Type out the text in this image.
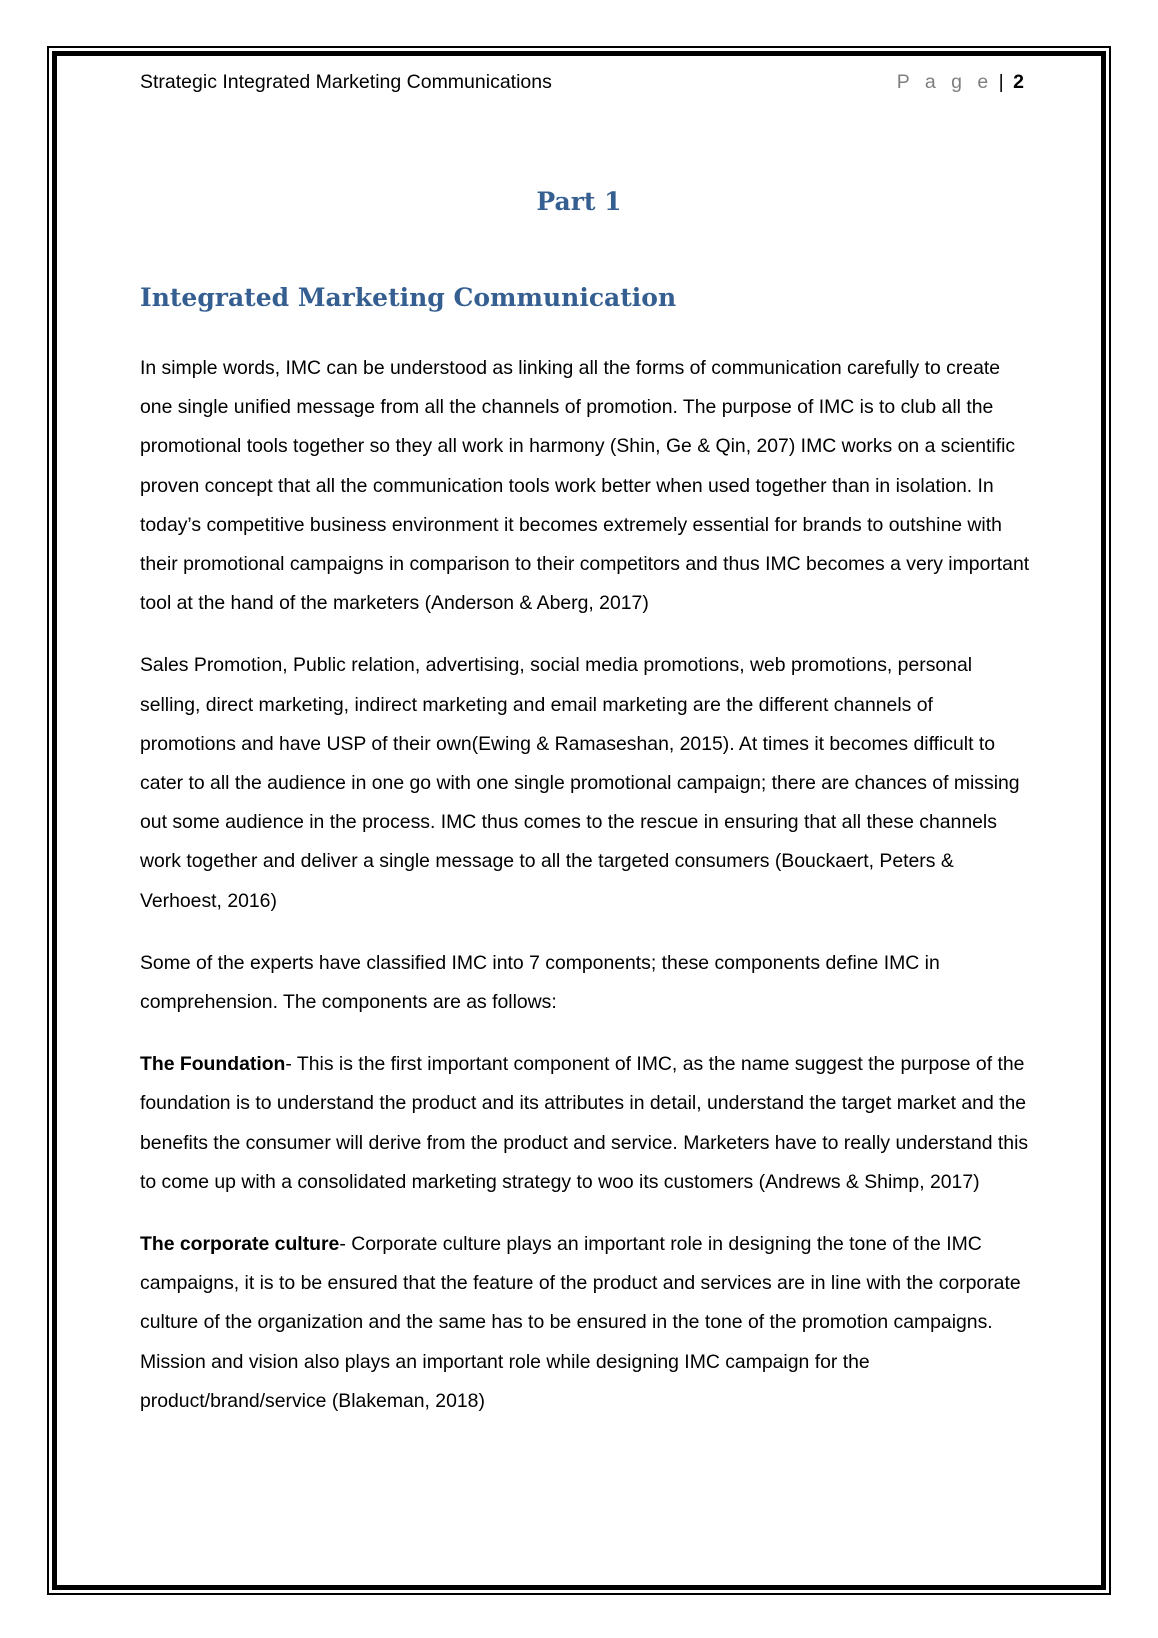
Strategic Integrated Marketing Communications	P a g e | 2
Part 1
Integrated Marketing Communication

In simple words, IMC can be understood as linking all the forms of communication carefully to create one single unified message from all the channels of promotion. The purpose of IMC is to club all the promotional tools together so they all work in harmony (Shin, Ge & Qin, 207) IMC works on a scientific proven concept that all the communication tools work better when used together than in isolation. In today’s competitive business environment it becomes extremely essential for brands to outshine with their promotional campaigns in comparison to their competitors and thus IMC becomes a very important tool at the hand of the marketers (Anderson & Aberg, 2017)

Sales Promotion, Public relation, advertising, social media promotions, web promotions, personal selling, direct marketing, indirect marketing and email marketing are the different channels of promotions and have USP of their own(Ewing & Ramaseshan, 2015). At times it becomes difficult to cater to all the audience in one go with one single promotional campaign; there are chances of missing out some audience in the process. IMC thus comes to the rescue in ensuring that all these channels work together and deliver a single message to all the targeted consumers (Bouckaert, Peters & Verhoest, 2016)

Some of the experts have classified IMC into 7 components; these components define IMC in comprehension. The components are as follows:

The Foundation- This is the first important component of IMC, as the name suggest the purpose of the foundation is to understand the product and its attributes in detail, understand the target market and the benefits the consumer will derive from the product and service. Marketers have to really understand this to come up with a consolidated marketing strategy to woo its customers (Andrews & Shimp, 2017)

The corporate culture- Corporate culture plays an important role in designing the tone of the IMC campaigns, it is to be ensured that the feature of the product and services are in line with the corporate culture of the organization and the same has to be ensured in the tone of the promotion campaigns. Mission and vision also plays an important role while designing IMC campaign for the product/brand/service (Blakeman, 2018)
